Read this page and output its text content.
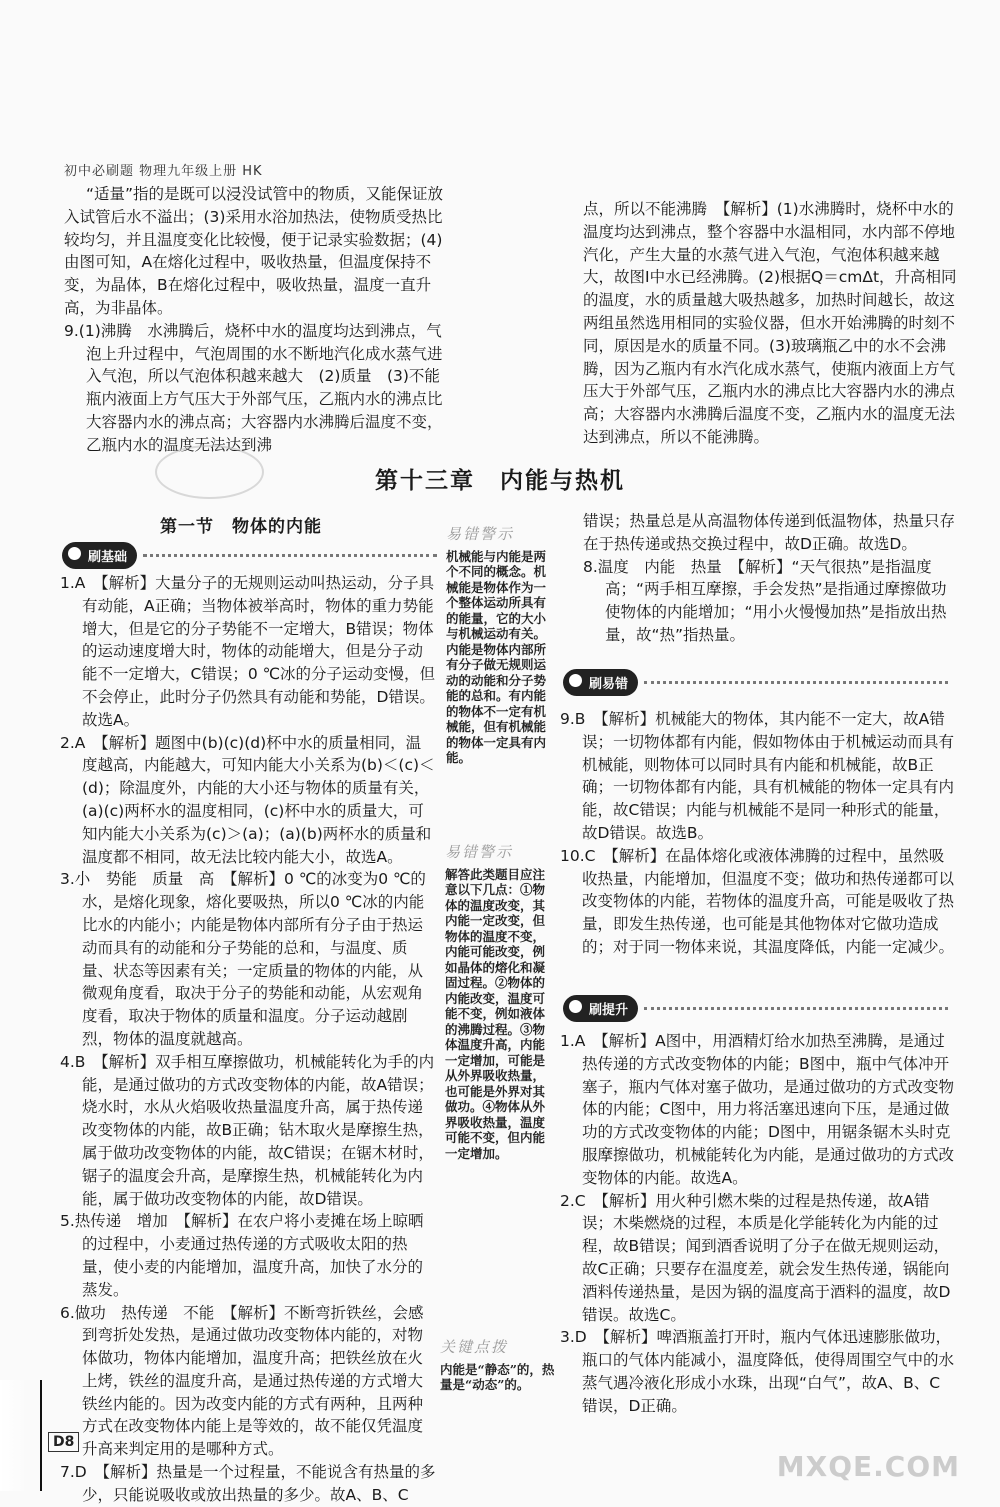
初中必刷题 物理九年级上册 HK

“适量”指的是既可以浸没试管中的物质，又能保证放入试管后水不溢出；(3)采用水浴加热法，使物质受热比较均匀，并且温度变化比较慢，便于记录实验数据；(4)由图可知，A在熔化过程中，吸收热量，但温度保持不变，为晶体，B在熔化过程中，吸收热量，温度一直升高，为非晶体。

9.(1)沸腾　水沸腾后，烧杯中水的温度均达到沸点，气泡上升过程中，气泡周围的水不断地汽化成水蒸气进入气泡，所以气泡体积越来越大　(2)质量　(3)不能　瓶内液面上方气压大于外部气压，乙瓶内水的沸点比大容器内水的沸点高；大容器内水沸腾后温度不变，乙瓶内水的温度无法达到沸

点，所以不能沸腾　【解析】(1)水沸腾时，烧杯中水的温度均达到沸点，整个容器中水温相同，水内部不停地汽化，产生大量的水蒸气进入气泡，气泡体积越来越大，故图Ⅰ中水已经沸腾。(2)根据Q＝cmΔt，升高相同的温度，水的质量越大吸热越多，加热时间越长，故这两组虽然选用相同的实验仪器，但水开始沸腾的时刻不同，原因是水的质量不同。(3)玻璃瓶乙中的水不会沸腾，因为乙瓶内有水汽化成水蒸气，使瓶内液面上方气压大于外部气压，乙瓶内水的沸点比大容器内水的沸点高；大容器内水沸腾后温度不变，乙瓶内水的温度无法达到沸点，所以不能沸腾。

第十三章　内能与热机
第一节　物体的内能
刷基础

1.A　【解析】大量分子的无规则运动叫热运动，分子具有动能，A正确；当物体被举高时，物体的重力势能增大，但是它的分子势能不一定增大，B错误；物体的运动速度增大时，物体的动能增大，但是分子动能不一定增大，C错误；0 ℃冰的分子运动变慢，但不会停止，此时分子仍然具有动能和势能，D错误。故选A。

2.A　【解析】题图中(b)(c)(d)杯中水的质量相同，温度越高，内能越大，可知内能大小关系为(b)＜(c)＜(d)；除温度外，内能的大小还与物体的质量有关，(a)(c)两杯水的温度相同，(c)杯中水的质量大，可知内能大小关系为(c)＞(a)；(a)(b)两杯水的质量和温度都不相同，故无法比较内能大小，故选A。

3.小　势能　质量　高　【解析】0 ℃的冰变为0 ℃的水，是熔化现象，熔化要吸热，所以0 ℃冰的内能比水的内能小；内能是物体内部所有分子由于热运动而具有的动能和分子势能的总和，与温度、质量、状态等因素有关；一定质量的物体的内能，从微观角度看，取决于分子的势能和动能，从宏观角度看，取决于物体的质量和温度。分子运动越剧烈，物体的温度就越高。

4.B　【解析】双手相互摩擦做功，机械能转化为手的内能，是通过做功的方式改变物体的内能，故A错误；烧水时，水从火焰吸收热量温度升高，属于热传递改变物体的内能，故B正确；钻木取火是摩擦生热，属于做功改变物体的内能，故C错误；在锯木材时，锯子的温度会升高，是摩擦生热，机械能转化为内能，属于做功改变物体的内能，故D错误。

5.热传递　增加　【解析】在农户将小麦摊在场上晾晒的过程中，小麦通过热传递的方式吸收太阳的热量，使小麦的内能增加，温度升高，加快了水分的蒸发。

6.做功　热传递　不能　【解析】不断弯折铁丝，会感到弯折处发热，是通过做功改变物体内能的，对物体做功，物体内能增加，温度升高；把铁丝放在火上烤，铁丝的温度升高，是通过热传递的方式增大铁丝内能的。因为改变内能的方式有两种，且两种方式在改变物体内能上是等效的，故不能仅凭温度升高来判定用的是哪种方式。

7.D　【解析】热量是一个过程量，不能说含有热量的多少，只能说吸收或放出热量的多少。故A、B、C

易错警示
机械能与内能是两个不同的概念。机械能是物体作为一个整体运动所具有的能量，它的大小与机械运动有关。内能是物体内部所有分子做无规则运动的动能和分子势能的总和。有内能的物体不一定有机械能，但有机械能的物体一定具有内能。
易错警示
解答此类题目应注意以下几点：①物体的温度改变，其内能一定改变，但物体的温度不变，内能可能改变，例如晶体的熔化和凝固过程。②物体的内能改变，温度可能不变，例如液体的沸腾过程。③物体温度升高，内能一定增加，可能是从外界吸收热量，也可能是外界对其做功。④物体从外界吸收热量，温度可能不变，但内能一定增加。
关键点拨
内能是“静态”的，热量是“动态”的。

错误；热量总是从高温物体传递到低温物体，热量只存在于热传递或热交换过程中，故D正确。故选D。

8.温度　内能　热量　【解析】“天气很热”是指温度高；“两手相互摩擦，手会发热”是指通过摩擦做功使物体的内能增加；“用小火慢慢加热”是指放出热量，故“热”指热量。

刷易错

9.B　【解析】机械能大的物体，其内能不一定大，故A错误；一切物体都有内能，假如物体由于机械运动而具有机械能，则物体可以同时具有内能和机械能，故B正确；一切物体都有内能，具有机械能的物体一定具有内能，故C错误；内能与机械能不是同一种形式的能量，故D错误。故选B。

10.C　【解析】在晶体熔化或液体沸腾的过程中，虽然吸收热量，内能增加，但温度不变；做功和热传递都可以改变物体的内能，若物体的温度升高，可能是吸收了热量，即发生热传递，也可能是其他物体对它做功造成的；对于同一物体来说，其温度降低，内能一定减少。

刷提升

1.A　【解析】A图中，用酒精灯给水加热至沸腾，是通过热传递的方式改变物体的内能；B图中，瓶中气体冲开塞子，瓶内气体对塞子做功，是通过做功的方式改变物体的内能；C图中，用力将活塞迅速向下压，是通过做功的方式改变物体的内能；D图中，用锯条锯木头时克服摩擦做功，机械能转化为内能，是通过做功的方式改变物体的内能。故选A。

2.C　【解析】用火种引燃木柴的过程是热传递，故A错误；木柴燃烧的过程，本质是化学能转化为内能的过程，故B错误；闻到酒香说明了分子在做无规则运动，故C正确；只要存在温度差，就会发生热传递，锅能向酒料传递热量，是因为锅的温度高于酒料的温度，故D错误。故选C。

3.D　【解析】啤酒瓶盖打开时，瓶内气体迅速膨胀做功，瓶口的气体内能减小，温度降低，使得周围空气中的水蒸气遇冷液化形成小水珠，出现“白气”，故A、B、C错误，D正确。

D8
MXQE.COM
